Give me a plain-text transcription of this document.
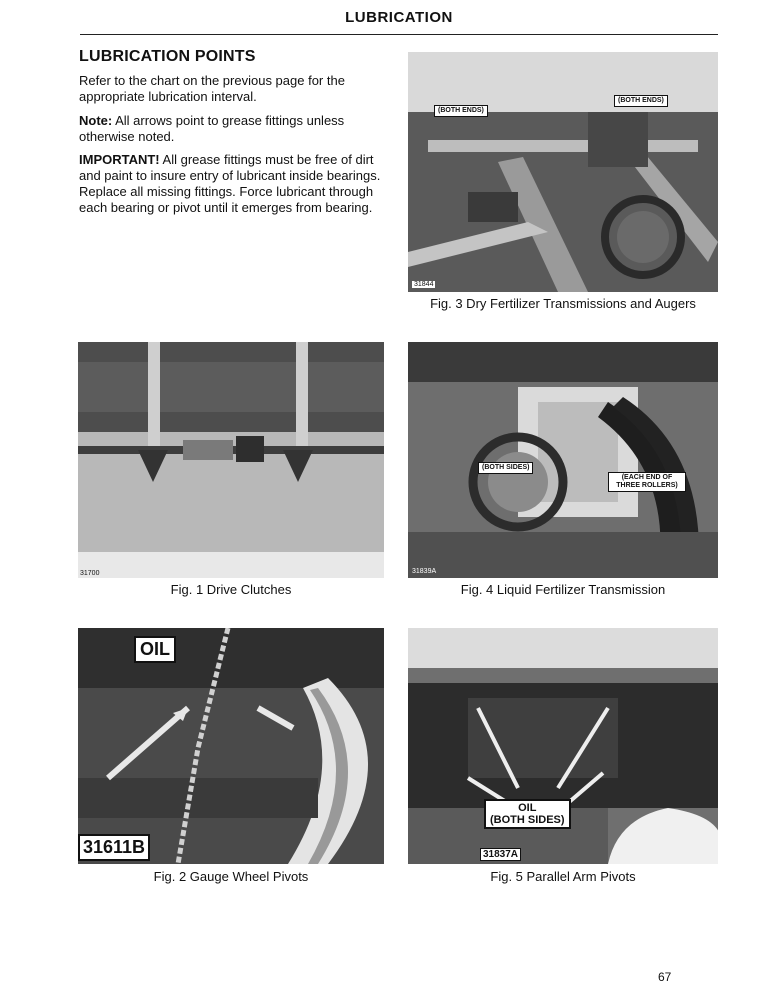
LUBRICATION
LUBRICATION POINTS

Refer to the chart on the previous page for the appropriate lubrication interval.

Note: All arrows point to grease fittings unless otherwise noted.

IMPORTANT! All grease fittings must be free of dirt and paint to insure entry of lubricant inside bearings. Replace all missing fittings. Force lubricant through each bearing or pivot until it emerges from bearing.

(BOTH ENDS)
(BOTH ENDS)
31844
Fig. 3 Dry Fertilizer Transmissions and Augers
31700
Fig. 1 Drive Clutches
(BOTH SIDES)
(EACH END OF THREE ROLLERS)
31839A
Fig. 4 Liquid Fertilizer Transmission
OIL
31611B
Fig. 2 Gauge Wheel Pivots
OIL
(BOTH SIDES)
31837A
Fig. 5 Parallel Arm Pivots
67
